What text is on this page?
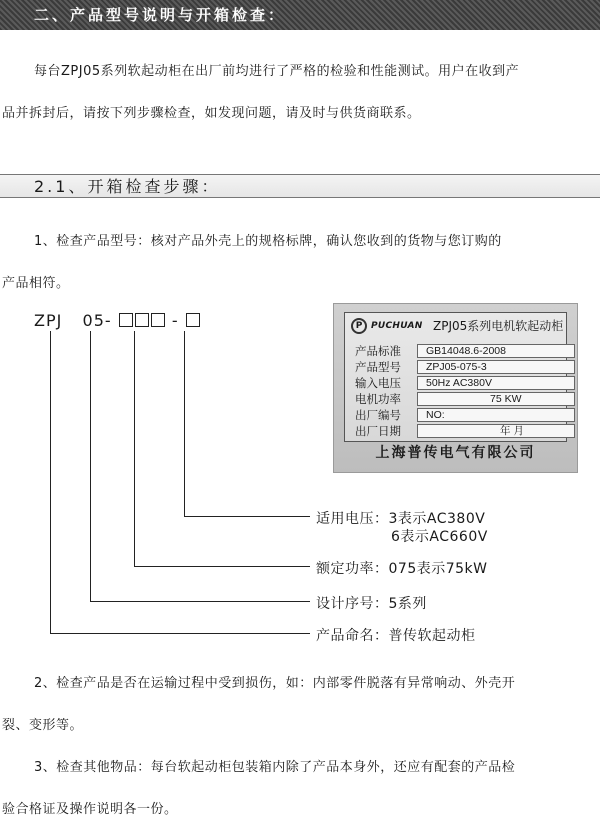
二、产品型号说明与开箱检查：
每台ZPJ05系列软起动柜在出厂前均进行了严格的检验和性能测试。用户在收到产
品并拆封后，请按下列步骤检查，如发现问题，请及时与供货商联系。
2.1、开箱检查步骤：
1、检查产品型号：核对产品外壳上的规格标牌，确认您收到的货物与您订购的
产品相符。
ZPJ 05-	-
适用电压：3表示AC380V
6表示AC660V
额定功率：075表示75kW
设计序号：5系列
产品命名：普传软起动柜
P PUCHUAN ZPJ05系列电机软起动柜
产品标准	GB14048.6-2008
产品型号	ZPJ05-075-3
输入电压	50Hz AC380V
电机功率	75 KW
出厂编号	NO:
出厂日期	年 月
上海普传电气有限公司
2、检查产品是否在运输过程中受到损伤，如：内部零件脱落有异常响动、外壳开
裂、变形等。
3、检查其他物品：每台软起动柜包装箱内除了产品本身外，还应有配套的产品检
验合格证及操作说明各一份。
